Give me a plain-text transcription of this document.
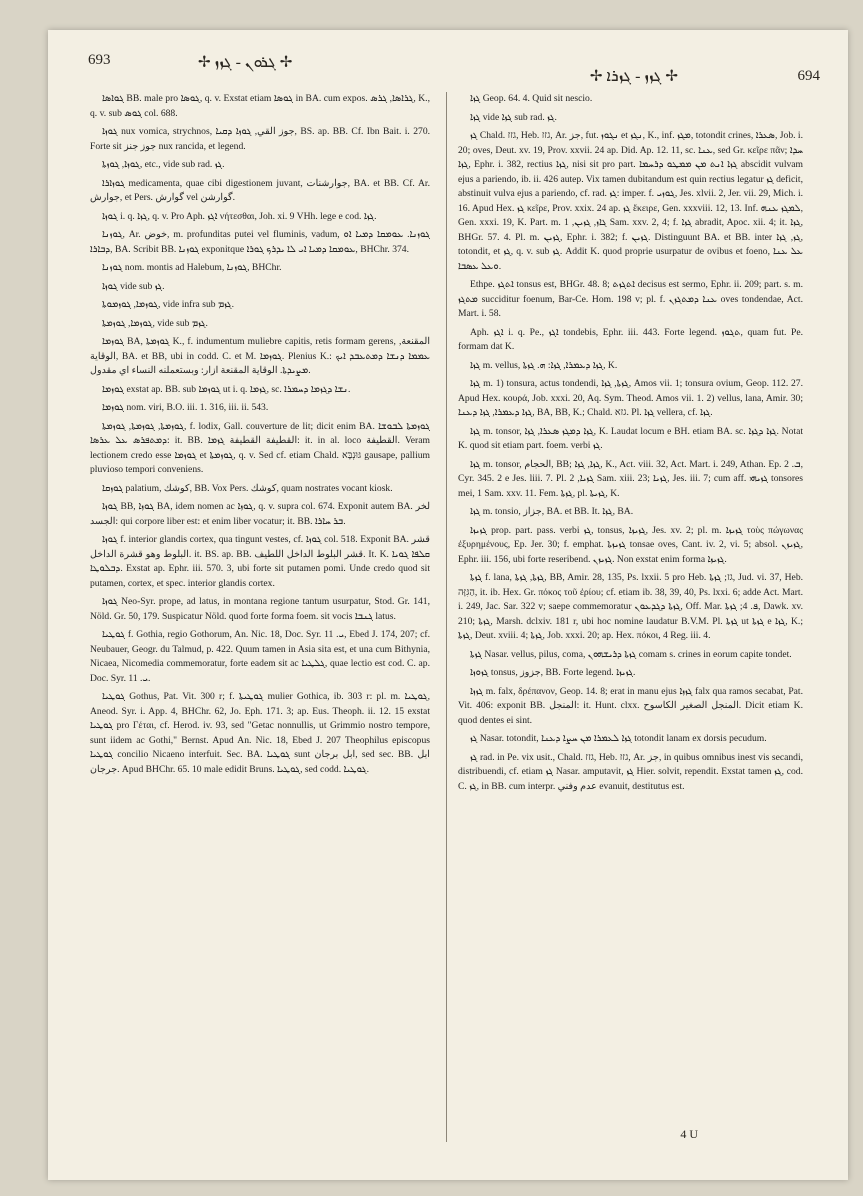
693	✢ ܓܪܘܢ - ܓܙܙ ✢
✢ ܓܙܙ - ܓܙܪܐ ✢	694

ܓܘܐܣܐ BB. male pro ܓܘܣܐ, q. v. Exstat etiam ܓܘܣܐ in BA. cum expos. ܓܪܐܣܐ, ܓܪܣ, K., q. v. sub ܓܘܣ col. 688.

ܓܘܙܐ nux vomica, strychnos, جوز القي, ܓܘܙܐ ܕܩܝܐ, BS. ap. BB. Cf. Ibn Bait. i. 270. Forte sit جوز جنز nux rancida, et legend.

ܓܘܙܐ, ܓܘܙܬܐ, etc., vide sub rad. ܓܙ.

ܓܘܙܐܪܐ medicamenta, quae cibi digestionem juvant, جوارشنات, BA. et BB. Cf. Ar. جوارش, et Pers. گوارش vel گوارشن.

ܓܘܙܐ i. q. ܓܙܐ, q. v. Pro Aph. ܐܓܙ νήτεσθαι, Joh. xi. 9 VHh. lege e cod. ܓܙܐ.

ܓܘܙܢܐ, Ar. خوض, m. profunditas putei vel fluminis, vadum, ܓܘܙܢܐ. ܥܘܡܩܐ ܕܡܝܐ ܐܘ ܕܒܐܪܐ, BA. Scribit BB. ܓܘܙܢܐ exponitque ܥܘܡܩܐ ܕܡܝܐ ܐܝ ܠܐ ܝܕܪܟ ܓܘܪܐ, BHChr. 374.

ܓܘܙܢܐ nom. montis ad Halebum, ܓܘܙܢܐ, BHChr.

ܓܘܙܐ vide sub ܓܙ.

ܓܘܙܡܐ, ܓܘܙܡܘܬܐ, vide infra sub ܓܙܡ.

ܓܘܙܡܐ, ܓܘܙܡܬܐ, vide sub ܓܙܡ.

ܓܘܙܡܐ BA, ܓܘܙܡܬܐ K., f. indumentum muliebre capitis, retis formam gerens, المقنعة, الوقاية, BA. et BB, ubi in codd. C. et M. ܓܘܙܡܐ. Plenius K.: ܥܡܡܐ ܕܢܫܐ ܕܡܬܥܒܕ ܐܝܟ ܡܨܝܕܬܐ. الوقاية المقنعة ازار: وبستعملنه النساء اي مقدول.

ܓܘܙܡܐ exstat ap. BB. sub ܓܘܙܡܐ ut i. q. ܓܙܡܐ, sc. ܢܫܐ ܕܓܙܡܐ ܕܚܡܪܐ.

ܓܘܙܡܐ nom. viri, B.O. iii. 1. 316, iii. ii. 543.

ܓܘܙܡܬܐ, ܓܘܙܡܬܐ, ܓܘܙܡܬܐ, f. lodix, Gall. couverture de lit; dicit enim BA. ܓܘܙܡܬܐ ܠܒܘܫܐ ܕܡܬܦܪܣ ܥܠ ܥܪܣܐ: it. BB. القطيفة القطيفة ܓܙܡܐ: it. in al. loco القطيفة. Veram lectionem credo esse ܓܘܙܡܐ et ܓܘܙܡܬܐ, q. v. Sed cf. etiam Chald. גּוּנְבָּא gausape, pallium pluvioso tempori conveniens.

ܓܘܙܩܐ palatium, كوشك, BB. Vox Pers. كوشك, quam nostrates vocant kiosk.

ܓܘܙܐ BB, ܓܘܙܐ BA, idem nomen ac ܓܘܙܐ, q. v. supra col. 674. Exponit autem BA. لخر الجسد: qui corpore liber est: et enim liber vocatur; it. BB. ܒܪ ܚܐܪܐ.

ܓܘܙܐ f. interior glandis cortex, qua tingunt vestes, cf. ܓܘܙܐ col. 518. Exponit BA. قشر البلوط وهو قشرة الداخل. it. BS. ap. BB. قشر البلوط الداخل اللطيف. It. K. ܩܠܦܐ ܓܘܝܐ ܕܒܠܘܛܐ. Exstat ap. Ephr. iii. 570. 3, ubi forte sit putamen pomi. Unde credo quod sit putamen, cortex, et spec. interior glandis cortex.

ܓܘܙܐ Neo-Syr. prope, ad latus, in montana regione tantum usurpatur, Stod. Gr. 141, Nöld. Gr. 50, 179. Suspicatur Nöld. quod forte forma foem. sit vocis ܓܢܒܐ latus.

ܓܘܛܝܐ f. Gothia, regio Gothorum, An. Nic. 18, Doc. Syr. ܝ. 11, Ebed J. 174, 207; cf. Neubauer, Geogr. du Talmud, p. 422. Quum tamen in Asia sita est, et una cum Bithynia, Nicaea, Nicomedia commemoratur, forte eadem sit ac ܓܠܛܝܐ, quae lectio est cod. C. ap. Doc. Syr. ܝ. 11.

ܓܘܛܝܐ Gothus, Pat. Vit. 300 r; f. ܓܘܛܝܬܐ mulier Gothica, ib. 303 r: pl. m. ܓܘܛܝܐ, Aneod. Syr. i. App. 4, BHChr. 62, Jo. Eph. 171. 3; ap. Eus. Theoph. ii. 12. 15 exstat ܓܘܛܝܐ pro Γέται, cf. Herod. iv. 93, sed "Getac nonnullis, ut Grimmio nostro tempore, sunt iidem ac Gothi," Bernst. Apud An. Nic. 18, Ebed J. 207 Theophilus episcopus ܓܘܛܝܐ concilio Nicaeno interfuit. Sec. BA. ܓܘܛܝܐ sunt ابل برجان, sed sec. BB. ابل جرجان. Apud BHChr. 65. 10 male edidit Bruns. ܓܘܛܝܐ, sed codd. ܓܘܛܝܐ.

ܓܙܐ Geop. 64. 4. Quid sit nescio.

ܓܙܐ vide ܓܙܐ sub rad. ܓܙ.

ܓܙ Chald. גזז, Heb. גזז, Ar. جز, fut. ܢܓܘܙ et ܢܓܙ, K., inf. ܡܓܙ, totondit crines, ܣܥܪܐ, Job. i. 20; oves, Deut. xv. 19, Prov. xxvii. 24 ap. Did. Ap. 12. 11, sc. ܥܢܐ, sed Gr. κεῖρε πᾶν; ܚܕܐ ܓܙܐ, Ephr. i. 382, rectius ܓܙܐ, nisi sit pro part. ܓܙܐ ܐܢܬ ܡܢ ܡܡܛܘ ܕܪܚܡܐ abscidit vulvam ejus a pariendo, ib. ii. 426 autep. Vix tamen dubitandum est quin rectius legatur ܓܙ deficit, abstinuit vulva ejus a pariendo, cf. rad. ܓܙ: imper. f. ܓܘܙܝ, Jes. xlvii. 2, Jer. vii. 29, Mich. i. 16. Apud Hex. ܓܙ κεῖρε, Prov. xxix. 24 ap. ܓܙ ἔκειρε, Gen. xxxviii. 12, 13. Inf. ܠܡܓܙ ܥܢܗ, Gen. xxxi. 19, K. Part. m. ܓܐܙ, ܓܙܝܢ, 1 Sam. xxv. 2, 4; f. ܓܙܐ abradit, Apoc. xii. 4; it. ܓܙܐ, BHGr. 57. 4. Pl. m. ܓܙܝܢ, Ephr. i. 382; f. ܓܙܝܢ. Distinguunt BA. et BB. inter ܓܙ, ܓܙܐ, totondit, et ܓܙ, q. v. sub ܓܙ. Addit K. quod proprie usurpatur de ovibus et foeno, ܥܠ ܥܢܐ ܘܥܠ ܥܣܒܐ.

Ethpe. ܐܬܓܙ tonsus est, BHGr. 48. 8; ܐܬܓܙܬ decisus est sermo, Ephr. ii. 209; part. s. m. ܡܬܓܙ succiditur foenum, Bar-Ce. Hom. 198 v; pl. f. ܥܢܐ ܕܡܬܓܙܢ oves tondendae, Act. Mart. i. 58.

Aph. ܐܓܙ i. q. Pe., ܐܓܙ tondebis, Ephr. iii. 443. Forte legend. ܬܓܘܙ, quam fut. Pe. formam dat K.

ܓܙܐ m. vellus, ܓܙܐ ܕܥܡܪܐ, ܓܙܐ: ܗ. ܓܙܬܐ, K.

ܓܙܐ m. 1) tonsura, actus tondendi, ܓܙܬܐ, ܓܙܐ, Amos vii. 1; tonsura ovium, Geop. 112. 27. Apud Hex. κουρά, Job. xxxi. 20, Aq. Sym. Theod. Amos vii. 1. 2) vellus, lana, Amir. 30; ܓܙܐ ܕܥܡܪܐ, ܓܙܐ ܕܥܢܐ, BA, BB, K.; Chald. גזא. Pl. ܓܙܐ vellera, cf. ܓܙܐ.

ܓܙܐ m. tonsor, ܓܙܐ ܕܡܓܙ ܣܥܪܐ, ܓܙܐ, K. Laudat locum e BH. etiam BA. sc. ܓܙܐ ܕܓܙܐ. Notat K. quod sit etiam part. foem. verbi ܓܙ.

ܓܙܐ m. tonsor, الحجام, BB; ܓܙܐ, ܓܙܐ, K., Act. viii. 32, Act. Mart. i. 249, Athan. Ep. ܒ. 2, Cyr. 345. 2 e Jes. liii. 7. Pl. ܓܙܝܐ, 2 Sam. xiii. 23; ܓܙܝܐ, Jes. iii. 7; cum aff. ܓܙܝܗܝ tonsores mei, 1 Sam. xxv. 11. Fem. ܓܙܬܐ, pl. ܓܙܝܬܐ, K.

ܓܙܐ m. tonsio, جزاز, BA. et BB. It. ܓܙܐ, BA.

ܓܙܝܙܐ prop. part. pass. verbi ܓܙ, tonsus, ܓܙܝܙܐ, Jes. xv. 2; pl. m. ܓܙܝܙܐ τοὺς πώγωνας ἐξυρημένους, Ep. Jer. 30; f. emphat. ܓܙܝܙܬܐ tonsae oves, Cant. iv. 2, vi. 5; absol. ܓܙܝܙܢ, Ephr. iii. 156, ubi forte reseribend. ܓܙܝܙܢ. Non exstat enim forma ܓܙܝܙܐ.

ܓܙܬܐ f. lana, ܓܙܬܐ, ܓܙܬܐ, BB, Amir. 28, 135, Ps. lxxii. 5 pro Heb. גז; ܓܙܬܐ, Jud. vi. 37, Heb. הַגִּזָּה, it. ib. Hex. Gr. πόκος τοῦ ἐρίου; cf. etiam ib. 38, 39, 40, Ps. lxxi. 6; adde Act. Mart. i. 249, Jac. Sar. 322 v; saepe commemoratur ܓܙܬܐ ܕܓܕܥܘܢ, Off. Mar. ܦ. 4; ܓܙܬܐ, Dawk. xv. 210; ܓܙܬܐ, Marsh. dclxiv. 181 r, ubi hoc nomine laudatur B.V.M. Pl. ܓܙܬܐ ut ܓܙܬܐ e ܓܙܐ, K.; ܓܙܬܐ, Deut. xviii. 4; ܓܙܬܐ, Job. xxxi. 20; ap. Hex. πόκοι, 4 Reg. iii. 4.

ܓܙܬܐ Nasar. vellus, pilus, coma, ܓܙܬܐ ܕܪܝܫܗܘܢ comam s. crines in eorum capite tondet.

ܓܙܘܙܐ tonsus, جزوز, BB. Forte legend. ܓܙܝܙܐ.

ܓܙܙܐ m. falx, δρέπανον, Geop. 14. 8; erat in manu ejus ܓܙܙܐ falx qua ramos secabat, Pat. Vit. 406: exponit BB. المنجل: it. Hunt. clxx. المنجل الصغير الكاسوح. Dicit etiam K. quod dentes ei sint.

ܓܙ Nasar. totondit, ܓܙܐ ܠܥܡܪܐ ܡܢ ܚܨܐ ܕܥܢܐ totondit lanam ex dorsis pecudum.

ܓܙ rad. in Pe. vix usit., Chald. גזז, Heb. גזז, Ar. جز, in quibus omnibus inest vis secandi, distribuendi, cf. etiam ܓܙ Nasar. amputavit, ܓܙ Hier. solvit, rependit. Exstat tamen ܓܙ, cod. C. ܓܙ, in BB. cum interpr. عدم وفني evanuit, destitutus est.

4 U
